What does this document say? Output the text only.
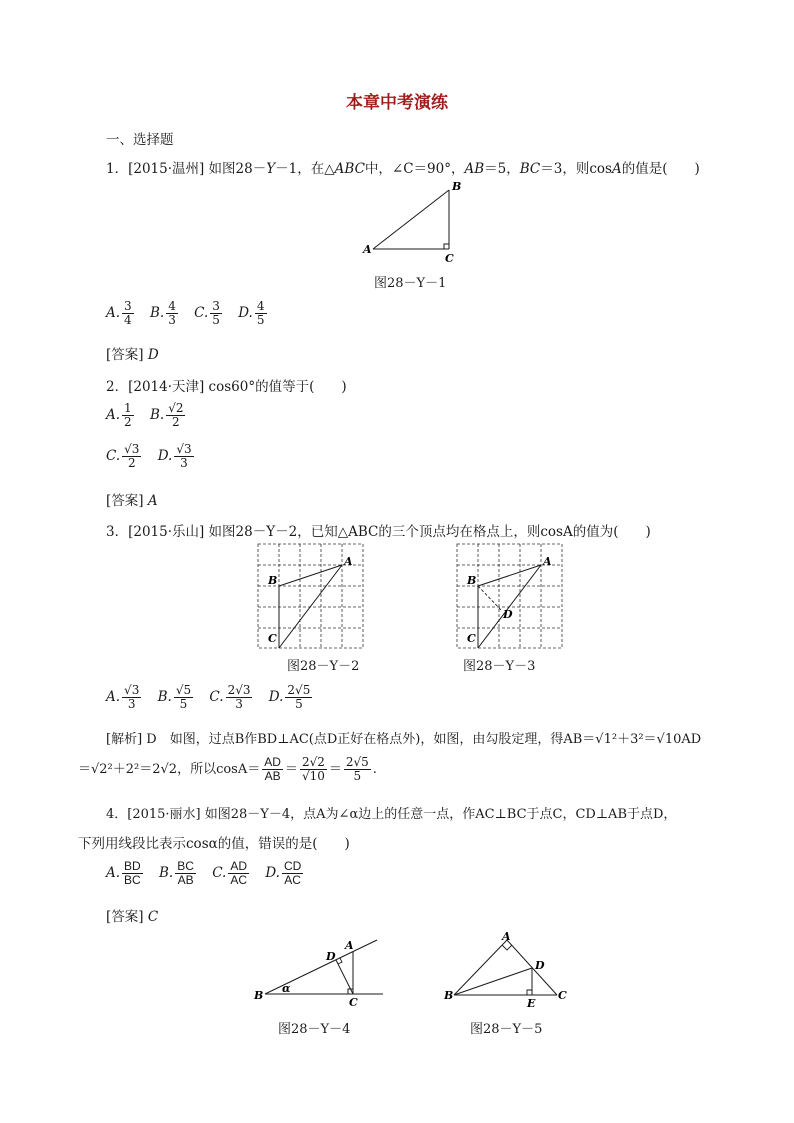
本章中考演练
一、选择题
1．[2015·温州] 如图28－Y－1，在△ABC中，∠C＝90°，AB＝5，BC＝3，则cosA的值是(　　)
A
B
C
图28－Y－1
A. $\frac{3}{4} B$. $\frac{4}{3} C$. $\frac{3}{5} D$. $\frac{4}{5}$
[答案] D
2．[2014·天津] cos60°的值等于(　　)
A. $\frac{1}{2} B$. $\frac{√2}{2}$
C. $\frac{√3}{2} D$. $\frac{√3}{3}$
[答案] A
3．[2015·乐山] 如图28－Y－2，已知△ABC的三个顶点均在格点上，则cosA的值为(　　)
A
B
C
图28－Y－2
A
B
C
D
图28－Y－3
A. $\frac{√3}{3} B$. $\frac{√5}{5} C$. $\frac{2√3}{3} D$. $\frac{2√5}{5}$
[解析] D　如图，过点B作BD⊥AC(点D正好在格点外)，如图，由勾股定理，得AB＝√1²＋3²＝√10AD
＝√2²＋2²＝2√2，所以$\cos A= \frac{AD}{AB} = \frac{2√2}{√10} = \frac{2√5}{5}$ .
4．[2015·丽水] 如图28－Y－4，点A为∠α边上的任意一点，作AC⊥BC于点C，CD⊥AB于点D，
下列用线段比表示cosα的值，错误的是(　　)
A. $\frac{BD}{BC} B$. $\frac{BC}{AB} C$. $\frac{AD}{AC} D$. $\frac{CD}{AC}$
[答案] C
B
A
C
D
α
图28－Y－4
B
A
C
D
E
图28－Y－5
